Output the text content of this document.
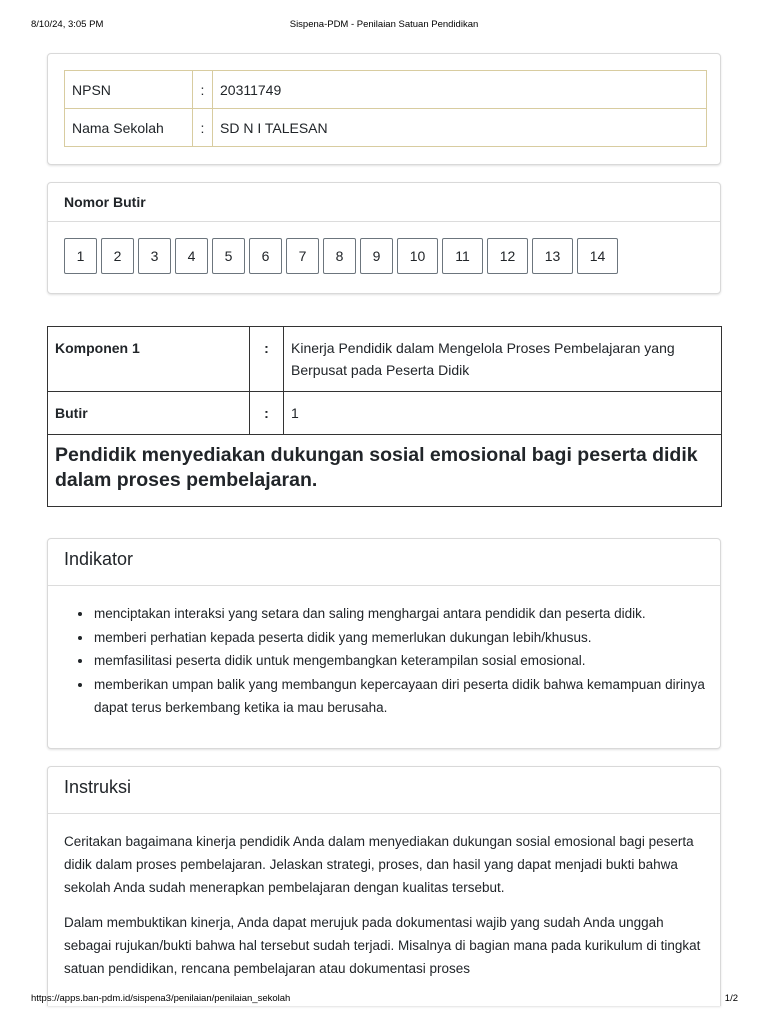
8/10/24, 3:05 PM	Sispena-PDM - Penilaian Satuan Pendidikan
NPSN	:	20311749
Nama Sekolah	:	SD N I TALESAN
Nomor Butir
1	2	3	4	5	6	7	8	9	10	11	12	13	14
Komponen 1	:	Kinerja Pendidik dalam Mengelola Proses Pembelajaran yang Berpusat pada Peserta Didik
Butir	:	1
Pendidik menyediakan dukungan sosial emosional bagi peserta didik dalam proses pembelajaran.		
Indikator
• menciptakan interaksi yang setara dan saling menghargai antara pendidik dan peserta didik.
• memberi perhatian kepada peserta didik yang memerlukan dukungan lebih/khusus.
• memfasilitasi peserta didik untuk mengembangkan keterampilan sosial emosional.
• memberikan umpan balik yang membangun kepercayaan diri peserta didik bahwa kemampuan dirinya dapat terus berkembang ketika ia mau berusaha.
Instruksi

Ceritakan bagaimana kinerja pendidik Anda dalam menyediakan dukungan sosial emosional bagi peserta didik dalam proses pembelajaran. Jelaskan strategi, proses, dan hasil yang dapat menjadi bukti bahwa sekolah Anda sudah menerapkan pembelajaran dengan kualitas tersebut.

Dalam membuktikan kinerja, Anda dapat merujuk pada dokumentasi wajib yang sudah Anda unggah sebagai rujukan/bukti bahwa hal tersebut sudah terjadi. Misalnya di bagian mana pada kurikulum di tingkat satuan pendidikan, rencana pembelajaran atau dokumentasi proses

https://apps.ban-pdm.id/sispena3/penilaian/penilaian_sekolah	1/2
